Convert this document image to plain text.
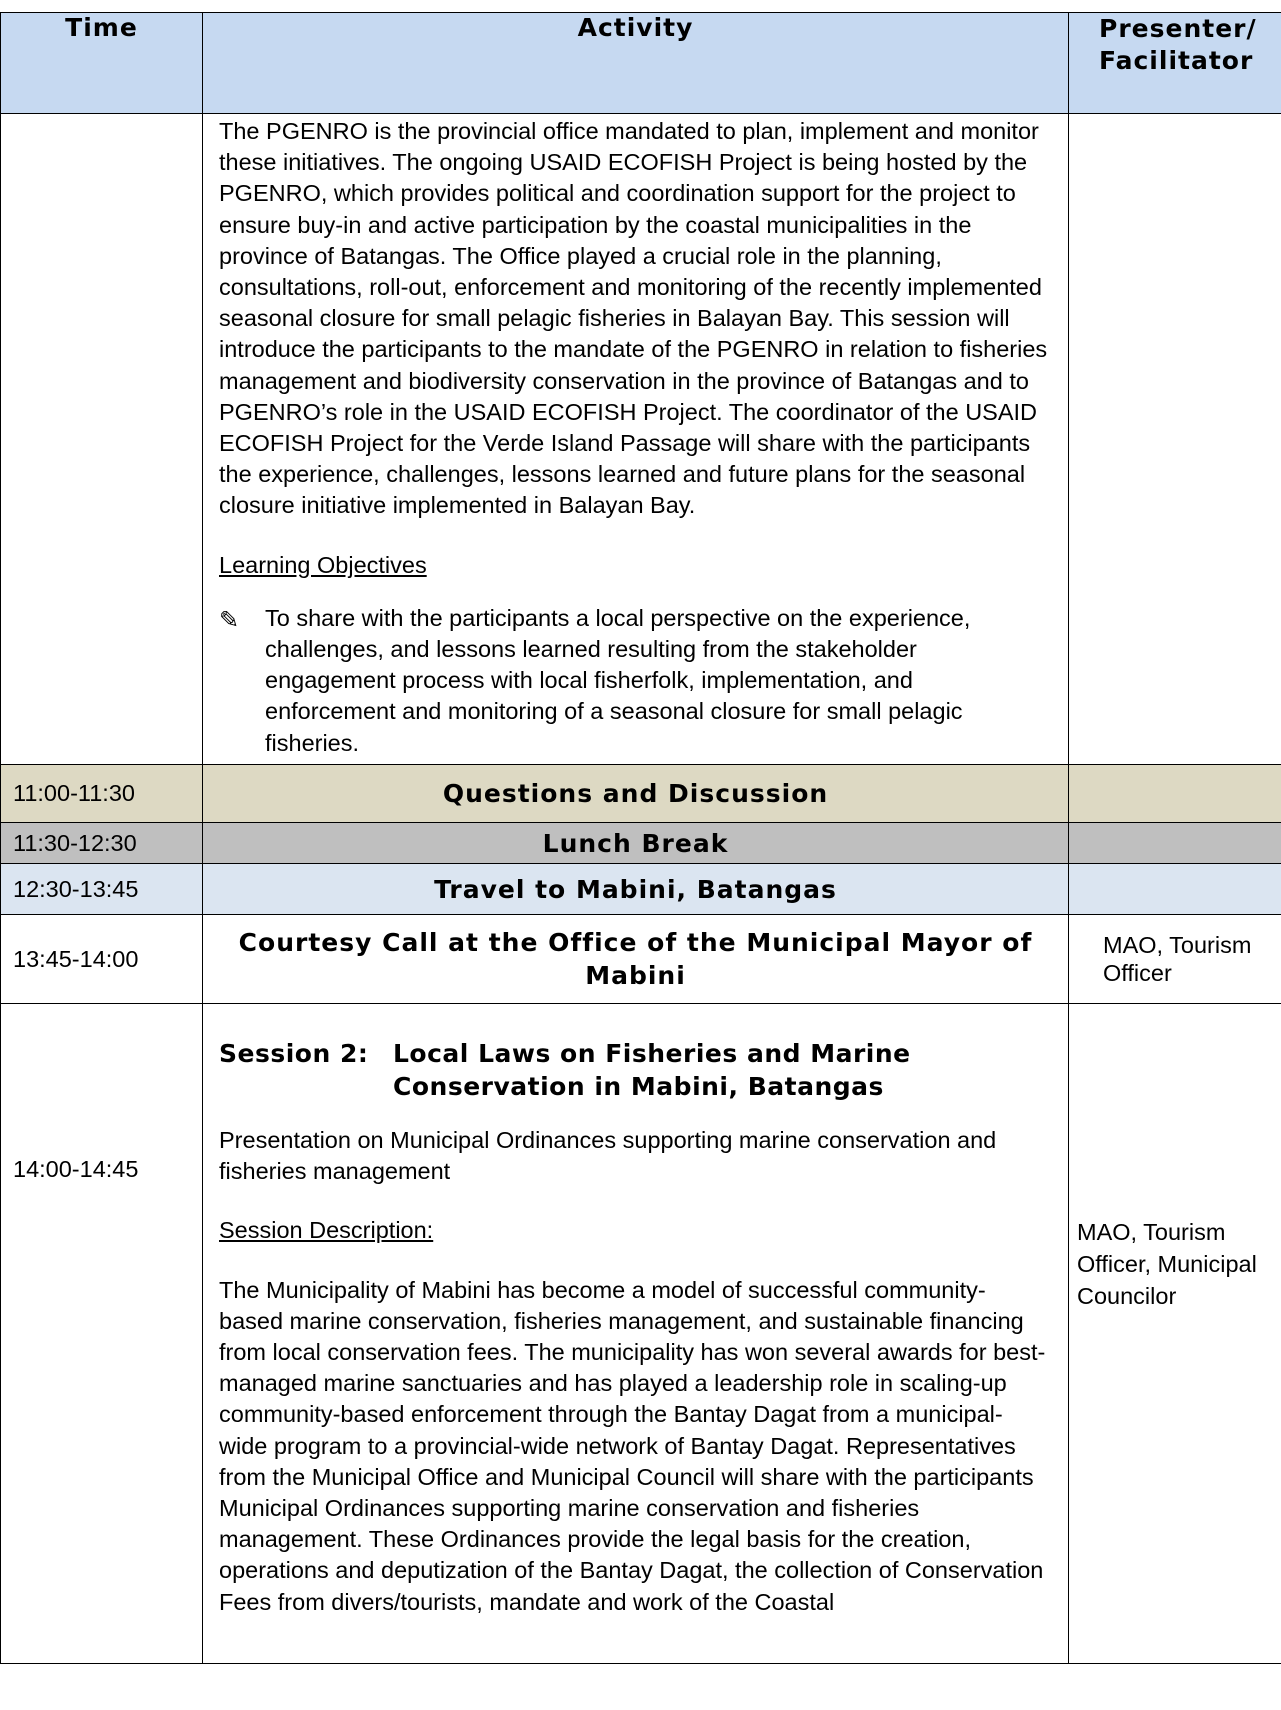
Time	Activity	Presenter/
Facilitator

	The PGENRO is the provincial office mandated to plan, implement and monitor these initiatives. The ongoing USAID ECOFISH Project is being hosted by the PGENRO, which provides political and coordination support for the project to ensure buy-in and active participation by the coastal municipalities in the province of Batangas. The Office played a crucial role in the planning, consultations, roll-out, enforcement and monitoring of the recently implemented seasonal closure for small pelagic fisheries in Balayan Bay. This session will introduce the participants to the mandate of the PGENRO in relation to fisheries management and biodiversity conservation in the province of Batangas and to PGENRO’s role in the USAID ECOFISH Project. The coordinator of the USAID ECOFISH Project for the Verde Island Passage will share with the participants the experience, challenges, lessons learned and future plans for the seasonal closure initiative implemented in Balayan Bay.

Learning Objectives

✎ To share with the participants a local perspective on the experience, challenges, and lessons learned resulting from the stakeholder engagement process with local fisherfolk, implementation, and enforcement and monitoring of a seasonal closure for small pelagic fisheries.	

11:00-11:30	Questions and Discussion	
11:30-12:30	Lunch Break	
12:30-13:45	Travel to Mabini, Batangas	
13:45-14:00	Courtesy Call at the Office of the Municipal Mayor of Mabini	MAO, Tourism Officer

14:00-14:45	Session 2: Local Laws on Fisheries and Marine Conservation in Mabini, Batangas

Presentation on Municipal Ordinances supporting marine conservation and fisheries management

Session Description:

The Municipality of Mabini has become a model of successful community-based marine conservation, fisheries management, and sustainable financing from local conservation fees. The municipality has won several awards for best-managed marine sanctuaries and has played a leadership role in scaling-up community-based enforcement through the Bantay Dagat from a municipal-wide program to a provincial-wide network of Bantay Dagat. Representatives from the Municipal Office and Municipal Council will share with the participants Municipal Ordinances supporting marine conservation and fisheries management. These Ordinances provide the legal basis for the creation, operations and deputization of the Bantay Dagat, the collection of Conservation Fees from divers/tourists, mandate and work of the Coastal	MAO, Tourism Officer, Municipal Councilor
